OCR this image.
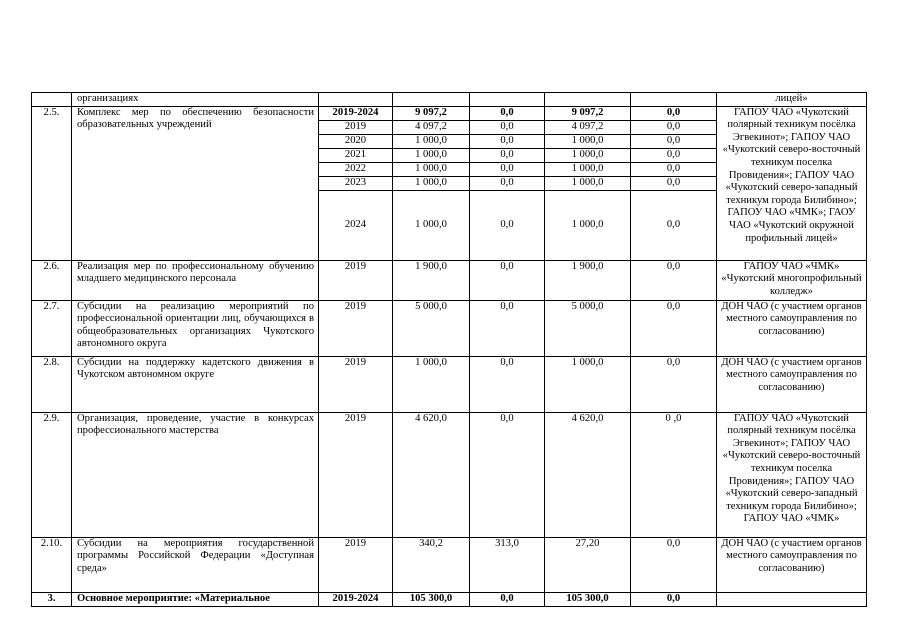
	организациях						лицей»
2.5.	Комплекс мер по обеспечению безопасности образовательных учреждений	2019-2024	9 097,2	0,0	9 097,2	0,0	ГАПОУ ЧАО «Чукотский полярный техникум посёлка Эгвекинот»; ГАПОУ ЧАО «Чукотский северо-восточный техникум поселка Провидения»; ГАПОУ ЧАО «Чукотский северо-западный техникум города Билибино»; ГАПОУ ЧАО «ЧМК»; ГАОУ ЧАО «Чукотский окружной профильный лицей»
		2019	4 097,2	0,0	4 097,2	0,0	
		2020	1 000,0	0,0	1 000,0	0,0	
		2021	1 000,0	0,0	1 000,0	0,0	
		2022	1 000,0	0,0	1 000,0	0,0	
		2023	1 000,0	0,0	1 000,0	0,0	
		2024	1 000,0	0,0	1 000,0	0,0	
2.6.	Реализация мер по профессиональному обучению младшего медицинского персонала	2019	1 900,0	0,0	1 900,0	0,0	ГАПОУ ЧАО «ЧМК» «Чукотский многопрофильный колледж»
2.7.	Субсидии на реализацию мероприятий по профессиональной ориентации лиц, обучающихся в общеобразовательных организациях Чукотского автономного округа	2019	5 000,0	0,0	5 000,0	0,0	ДОН ЧАО (с участием органов местного самоуправления по согласованию)
2.8.	Субсидии на поддержку кадетского движения в Чукотском автономном округе	2019	1 000,0	0,0	1 000,0	0,0	ДОН ЧАО (с участием органов местного самоуправления по согласованию)
2.9.	Организация, проведение, участие в конкурсах профессионального мастерства	2019	4 620,0	0,0	4 620,0	0 ,0	ГАПОУ ЧАО «Чукотский полярный техникум посёлка Эгвекинот»; ГАПОУ ЧАО «Чукотский северо-восточный техникум поселка Провидения»; ГАПОУ ЧАО «Чукотский северо-западный техникум города Билибино»; ГАПОУ ЧАО «ЧМК»
2.10.	Субсидии на мероприятия государственной программы Российской Федерации «Доступная среда»	2019	340,2	313,0	27,20	0,0	ДОН ЧАО (с участием органов местного самоуправления по согласованию)
3.	Основное мероприятие: «Материальное	2019-2024	105 300,0	0,0	105 300,0	0,0	
